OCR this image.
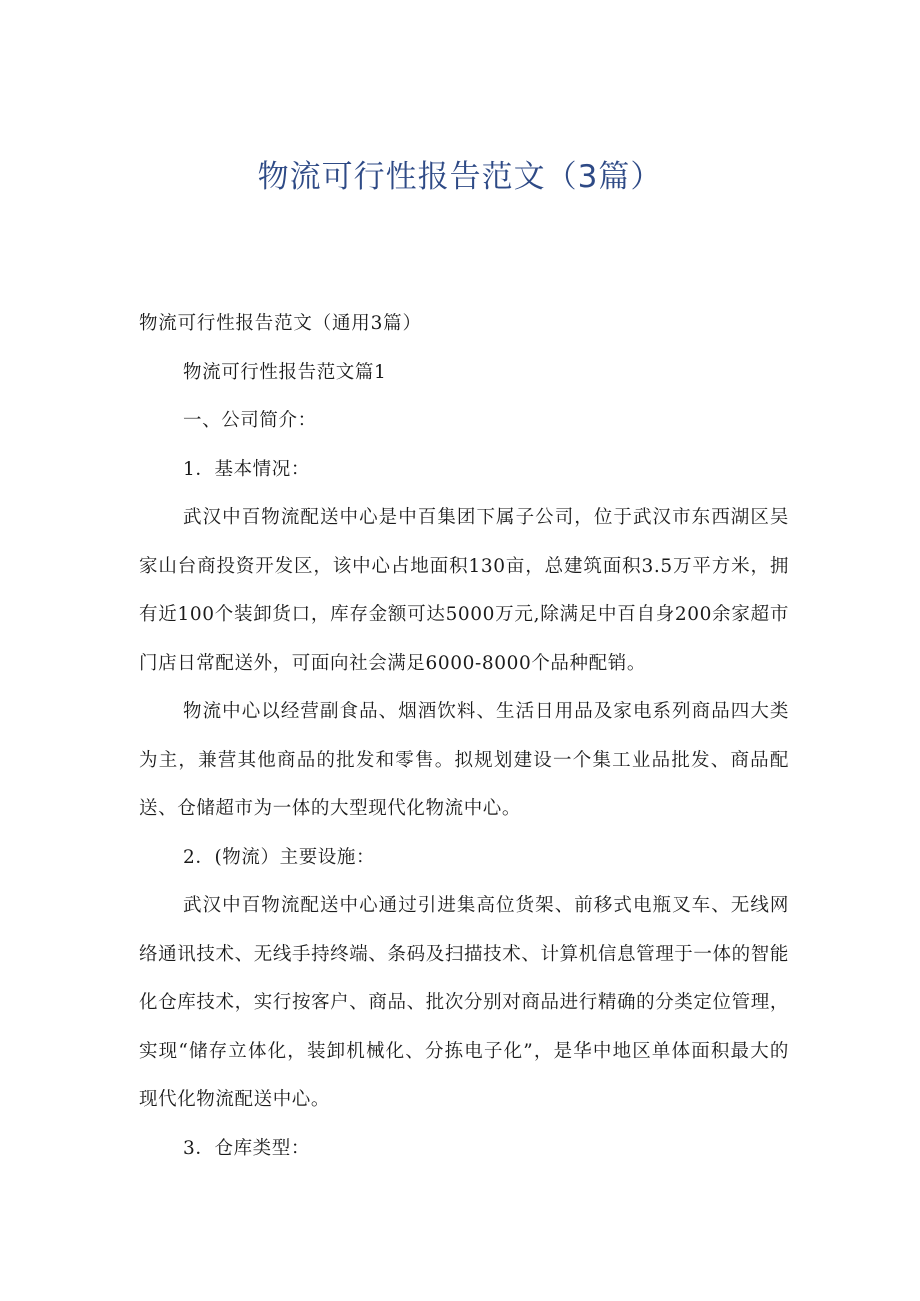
物流可行性报告范文（3篇）

物流可行性报告范文（通用3篇）

物流可行性报告范文篇1

一、公司简介：

1．基本情况：

武汉中百物流配送中心是中百集团下属子公司，位于武汉市东西湖区吴家山台商投资开发区，该中心占地面积130亩，总建筑面积3.5万平方米，拥有近100个装卸货口，库存金额可达5000万元,除满足中百自身200余家超市门店日常配送外，可面向社会满足6000-8000个品种配销。

物流中心以经营副食品、烟酒饮料、生活日用品及家电系列商品四大类为主，兼营其他商品的批发和零售。拟规划建设一个集工业品批发、商品配送、仓储超市为一体的大型现代化物流中心。

2．(物流）主要设施：

武汉中百物流配送中心通过引进集高位货架、前移式电瓶叉车、无线网络通讯技术、无线手持终端、条码及扫描技术、计算机信息管理于一体的智能化仓库技术，实行按客户、商品、批次分别对商品进行精确的分类定位管理，实现“储存立体化，装卸机械化、分拣电子化”，是华中地区单体面积最大的现代化物流配送中心。

3．仓库类型：
